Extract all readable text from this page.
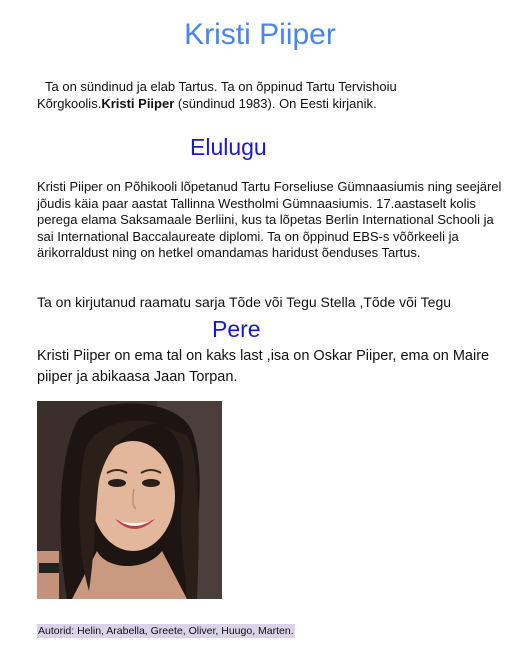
Kristi Piiper

Ta on sündinud ja elab Tartus. Ta on õppinud Tartu Tervishoiu Kõrgkoolis.Kristi Piiper (sündinud 1983). On Eesti kirjanik.

Elulugu

Kristi Piiper on Põhikooli lõpetanud Tartu Forseliuse Gümnaasiumis ning seejärel jõudis käia paar aastat Tallinna Westholmi Gümnaasiumis. 17.aastaselt kolis perega elama Saksamaale Berliini, kus ta lõpetas Berlin International Schooli ja sai International Baccalaureate diplomi. Ta on õppinud EBS-s võõrkeeli ja ärikorraldust ning on hetkel omandamas haridust õenduses Tartus.

Ta on kirjutanud raamatu sarja Tõde või Tegu Stella ,Tõde või Tegu

Pere

Kristi Piiper on ema tal on kaks last ,isa on Oskar Piiper, ema on Maire piiper ja abikaasa Jaan Torpan.

Autorid: Helin, Arabella, Greete, Oliver, Huugo, Marten.
